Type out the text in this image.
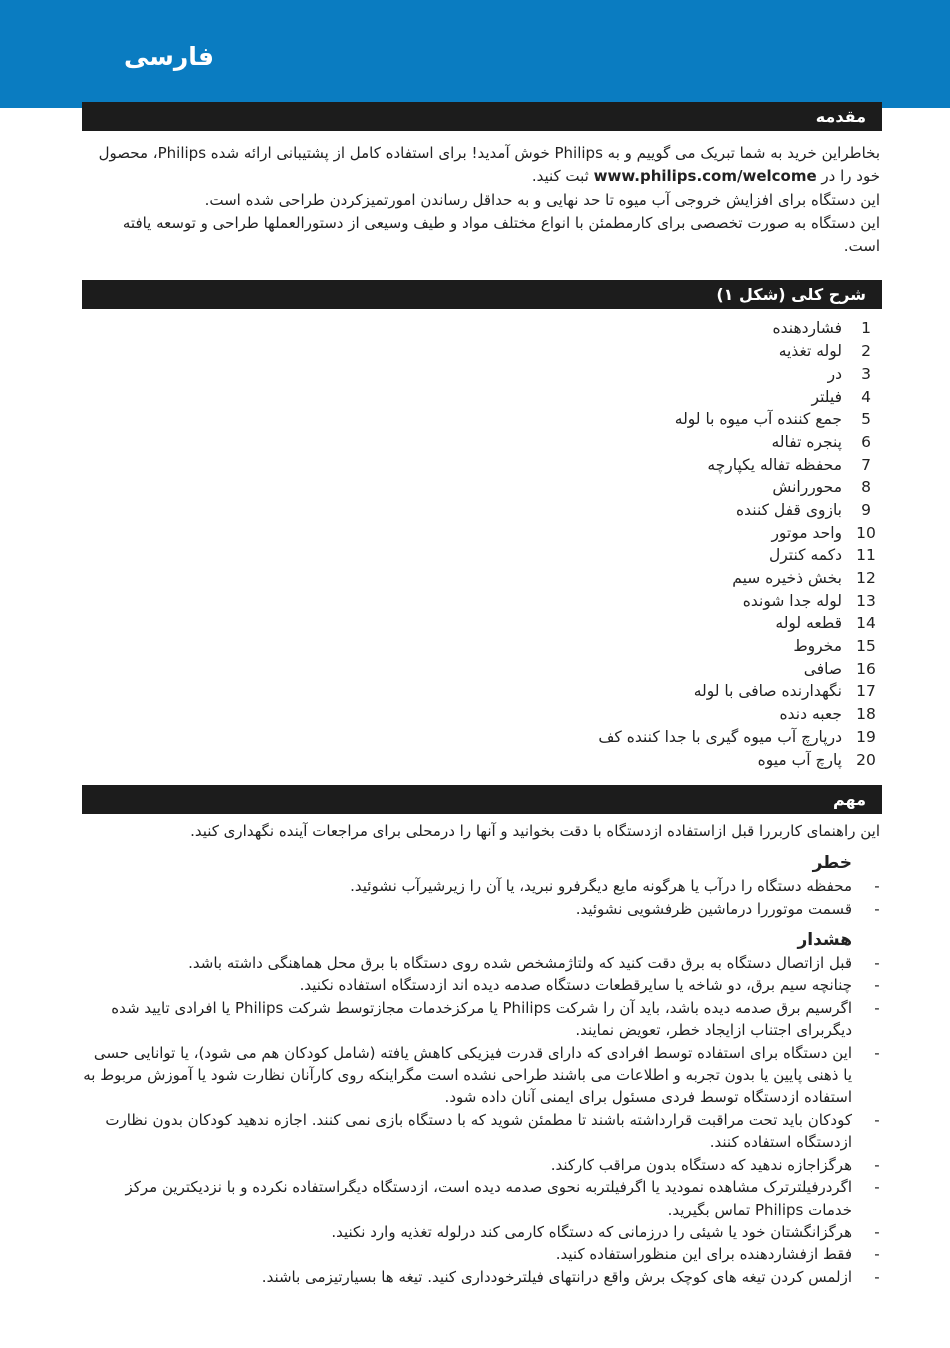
فارسی
مقدمه
بخاطراین خرید به شما تبریک می گوییم و به Philips خوش آمدید! برای استفاده کامل از پشتیبانی ارائه شده Philips، محصول خود را در www.philips.com/welcome ثبت کنید.
این دستگاه برای افزایش خروجی آب میوه تا حد نهایی و به حداقل رساندن امورتمیزکردن طراحی شده است.
این دستگاه به صورت تخصصی برای کارمطمئن با انواع مختلف مواد و طیف وسیعی از دستورالعملها طراحی و توسعه یافته است.
شرح کلی (شکل ۱)
1
فشاردهنده
2
لوله تغذیه
3
در
4
فیلتر
5
جمع کننده آب میوه با لوله
6
پنجره تفاله
7
محفظه تفاله یکپارچه
8
محوررانش
9
بازوی قفل کننده
10
واحد موتور
11
دکمه کنترل
12
بخش ذخیره سیم
13
لوله جدا شونده
14
قطعه لوله
15
مخروط
16
صافی
17
نگهدارنده صافی با لوله
18
جعبه دنده
19
درپارچ آب میوه گیری با جدا کننده کف
20
پارچ آب میوه
مهم
این راهنمای کاربررا قبل ازاستفاده ازدستگاه با دقت بخوانید و آنها را درمحلی برای مراجعات آینده نگهداری کنید.
خطر
-
محفظه دستگاه را درآب یا هرگونه مایع دیگرفرو نبرید، یا آن را زیرشیرآب نشوئید.
-
قسمت موتوررا درماشین ظرفشویی نشوئید.
هشدار
-
قبل ازاتصال دستگاه به برق دقت کنید که ولتاژمشخص شده روی دستگاه با برق محل هماهنگی داشته باشد.
-
چنانچه سیم برق، دو شاخه یا سایرقطعات دستگاه صدمه دیده اند ازدستگاه استفاده نکنید.
-
اگرسیم برق صدمه دیده باشد، باید آن را شرکت Philips یا مرکزخدمات مجازتوسط شرکت Philips یا افرادی تایید شده دیگربرای اجتناب ازایجاد خطر، تعویض نمایند.
-
این دستگاه برای استفاده توسط افرادی که دارای قدرت فیزیکی کاهش یافته (شامل کودکان هم می شود)، یا توانایی حسی یا ذهنی پایین یا بدون تجربه و اطلاعات می باشند طراحی نشده است مگراینکه روی کارآنان نظارت شود یا آموزش مربوط به استفاده ازدستگاه توسط فردی مسئول برای ایمنی آنان داده شود.
-
کودکان باید تحت مراقبت قرارداشته باشند تا مطمئن شوید که با دستگاه بازی نمی کنند. اجازه ندهید کودکان بدون نظارت ازدستگاه استفاده کنند.
-
هرگزاجازه ندهید که دستگاه بدون مراقب کارکند.
-
اگردرفیلترترک مشاهده نمودید یا اگرفیلتربه نحوی صدمه دیده است، ازدستگاه دیگراستفاده نکرده و با نزدیکترین مرکز خدمات Philips تماس بگیرید.
-
هرگزانگشتان خود یا شیئی را درزمانی که دستگاه کارمی کند درلوله تغذیه وارد نکنید.
-
فقط ازفشاردهنده برای این منظوراستفاده کنید.
-
ازلمس کردن تیغه های کوچک برش واقع درانتهای فیلترخودداری کنید. تیغه ها بسیارتیزمی باشند.
